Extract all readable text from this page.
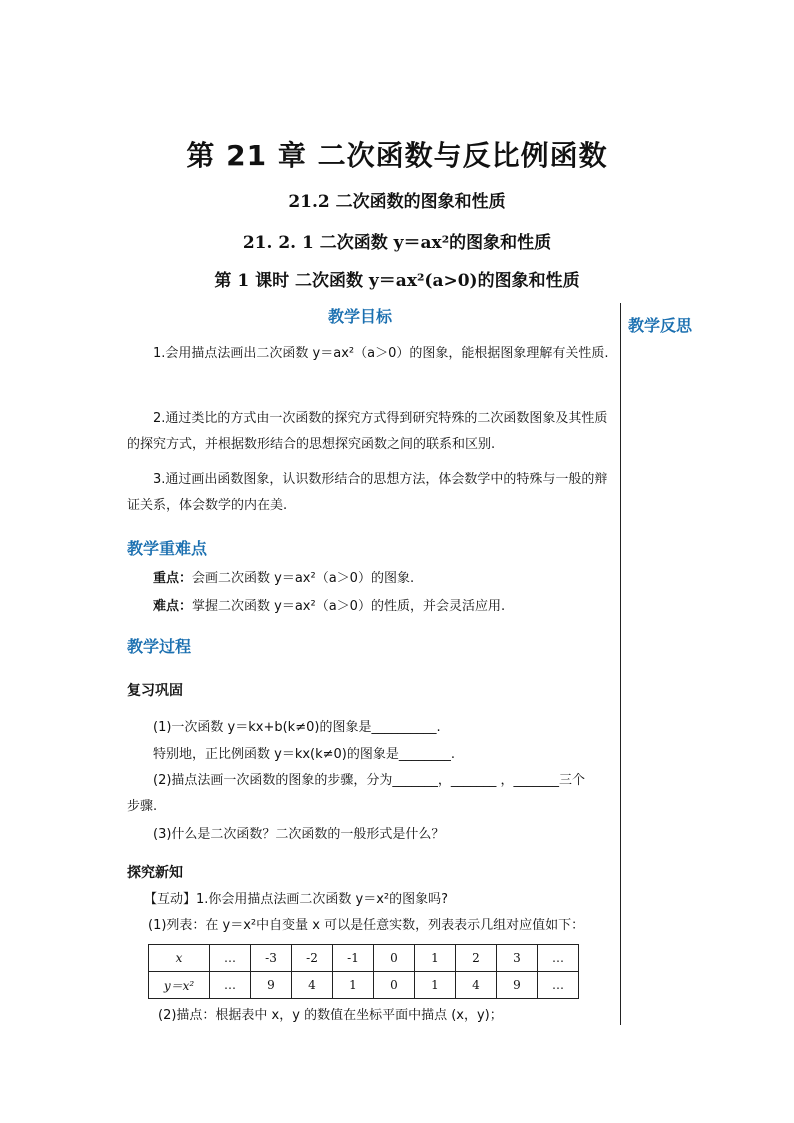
第 21 章 二次函数与反比例函数
21.2 二次函数的图象和性质
21. 2. 1 二次函数 y＝ax²的图象和性质
第 1 课时 二次函数 y＝ax²(a>0)的图象和性质
教学反思
教学目标
1.会用描点法画出二次函数 y＝ax²（a＞0）的图象，能根据图象理解有关性质.
2.通过类比的方式由一次函数的探究方式得到研究特殊的二次函数图象及其性质的探究方式，并根据数形结合的思想探究函数之间的联系和区别.
3.通过画出函数图象，认识数形结合的思想方法，体会数学中的特殊与一般的辩证关系，体会数学的内在美.
教学重难点
重点：会画二次函数 y＝ax²（a＞0）的图象.
难点：掌握二次函数 y＝ax²（a＞0）的性质，并会灵活应用.
教学过程
复习巩固
(1)一次函数 y＝kx+b(k≠0)的图象是__________.
特别地，正比例函数 y＝kx(k≠0)的图象是________.
(2)描点法画一次函数的图象的步骤，分为_______，_______ ，_______三个
步骤.
(3)什么是二次函数？二次函数的一般形式是什么？
探究新知
【互动】1.你会用描点法画二次函数 y＝x²的图象吗?
(1)列表：在 y＝x²中自变量 x 可以是任意实数，列表表示几组对应值如下：
x	…	-3	-2	-1	0	1	2	3	…
y＝x²	…	9	4	1	0	1	4	9	…
(2)描点：根据表中 x，y 的数值在坐标平面中描点 (x，y)；
